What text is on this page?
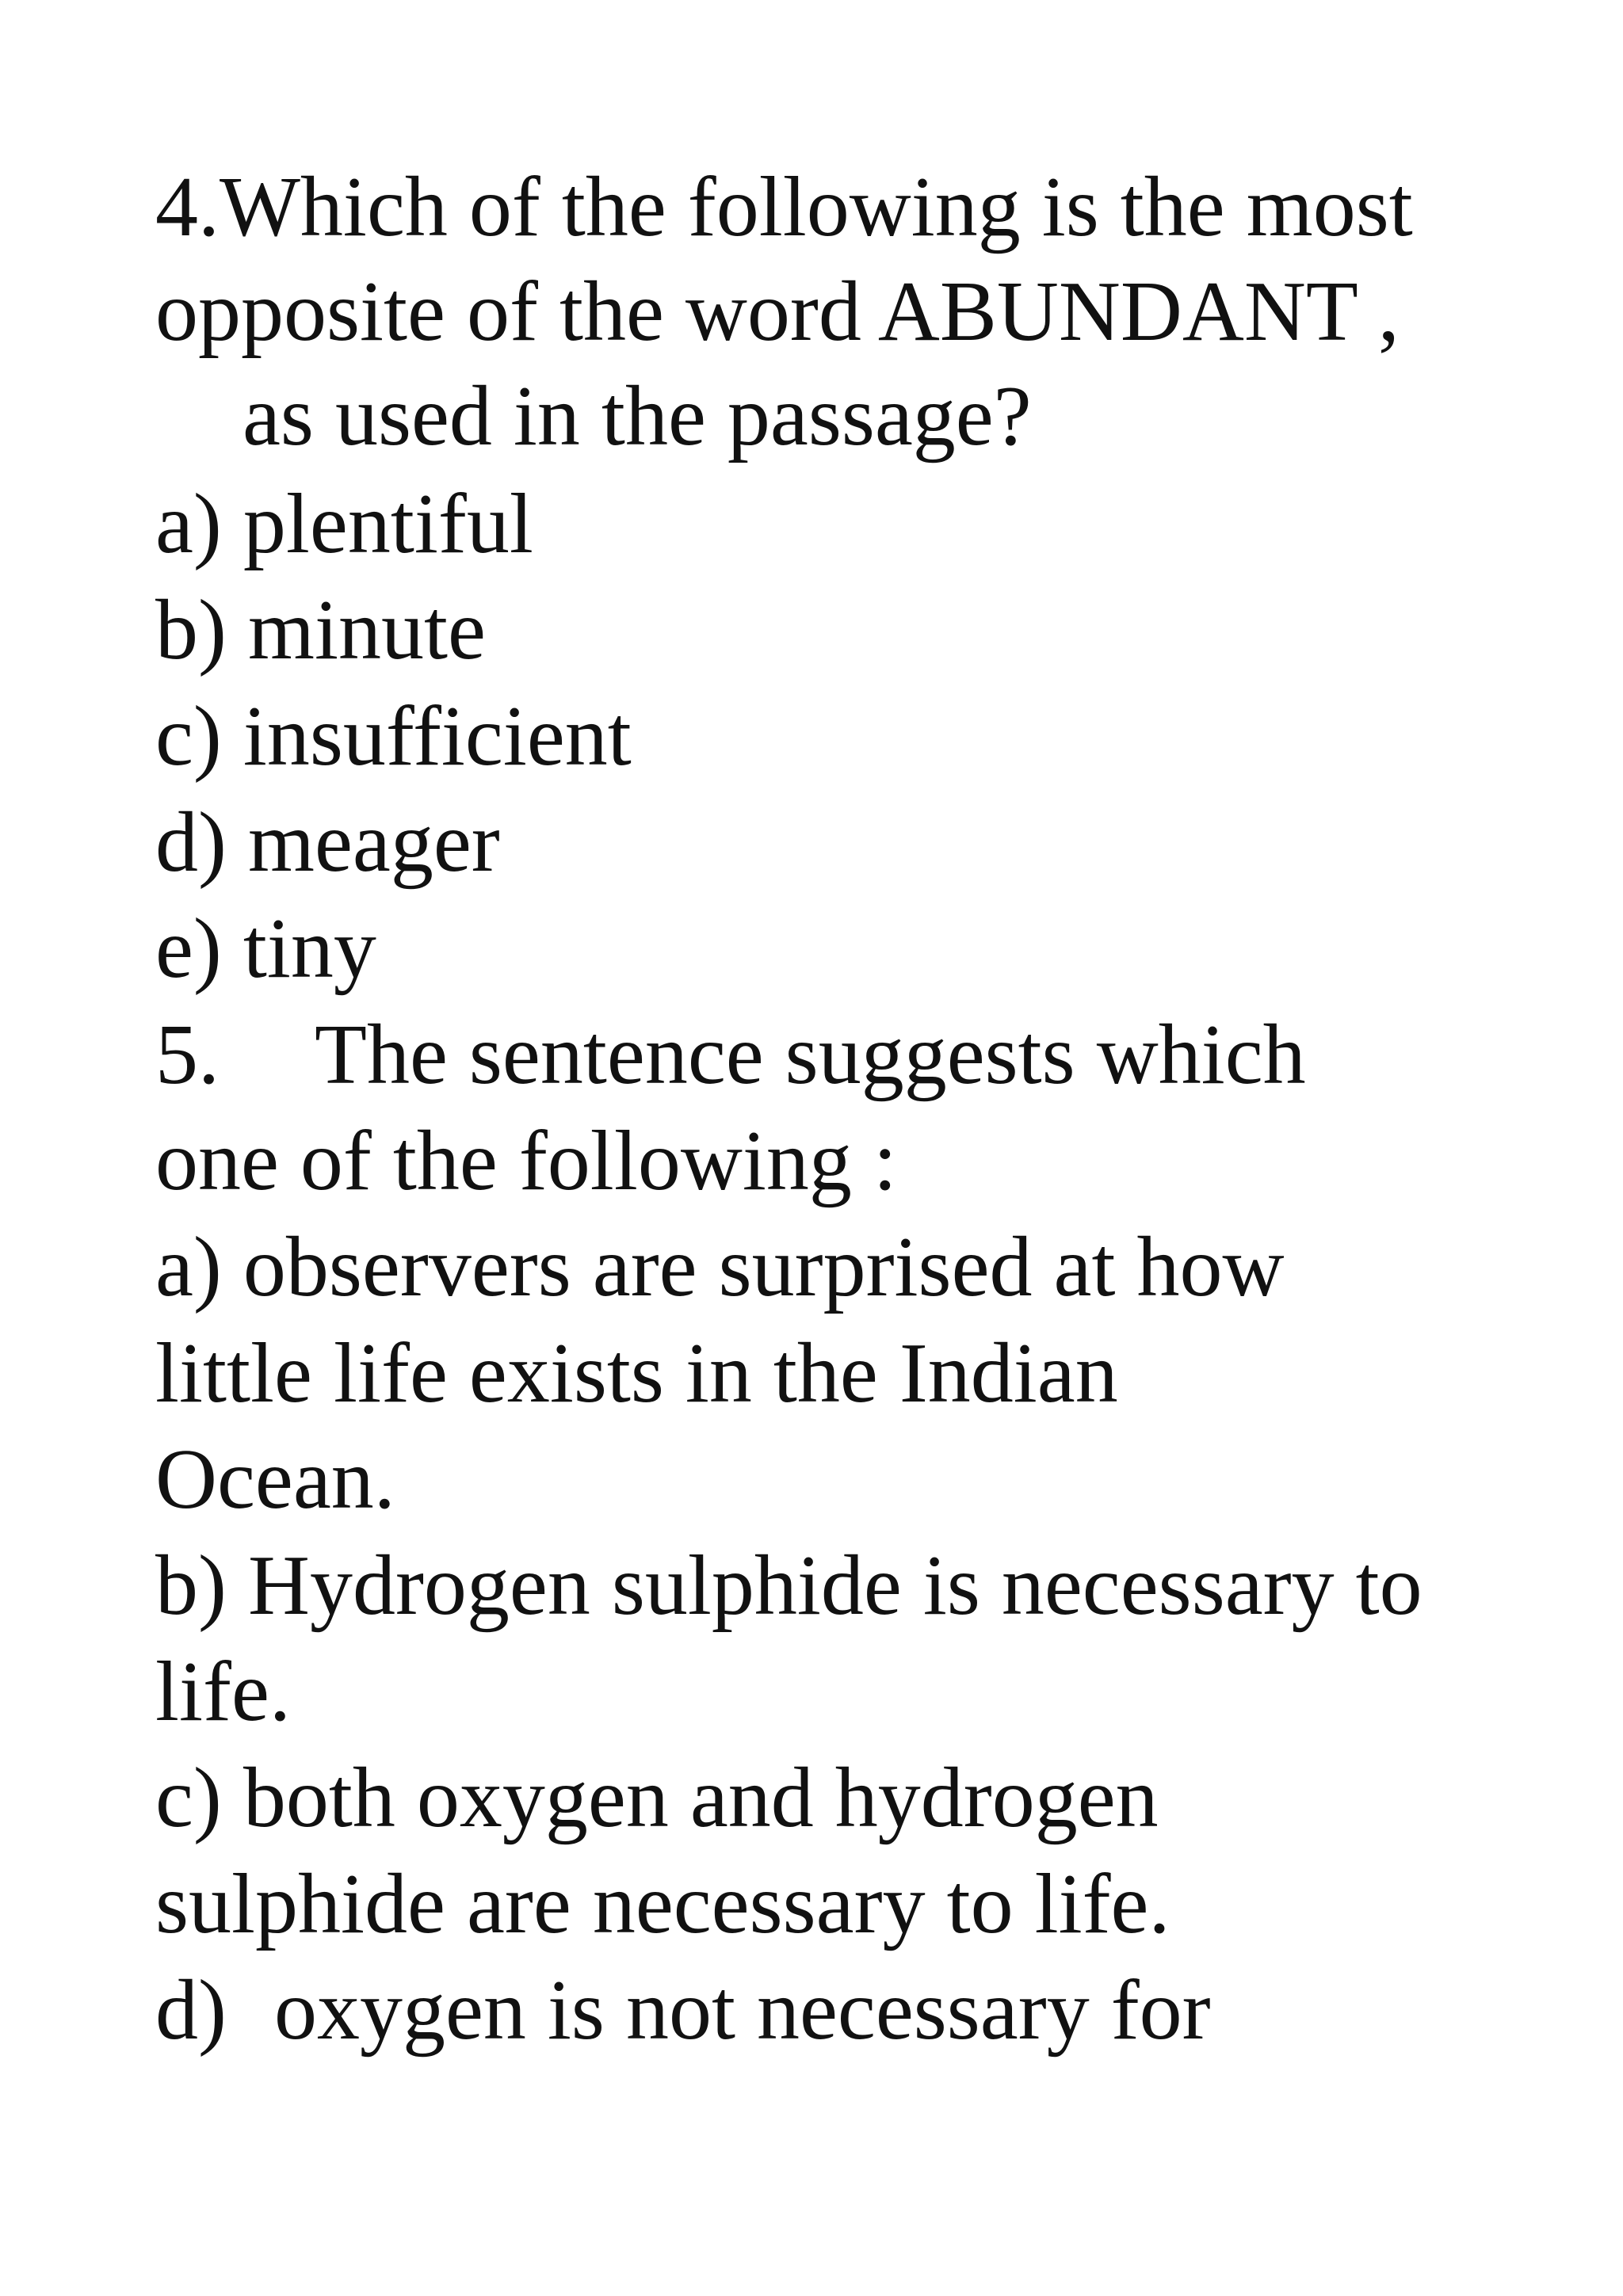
4.Which of the following is the most

opposite of the word ABUNDANT ,

as used in the passage?

a) plentiful

b) minute

c) insufficient

d) meager

e) tiny

5. The sentence suggests which

one of the following :

a) observers are surprised at how

little life exists in the Indian

Ocean.

b) Hydrogen sulphide is necessary to

life.

c) both oxygen and hydrogen

sulphide are necessary to life.

d) oxygen is not necessary for
